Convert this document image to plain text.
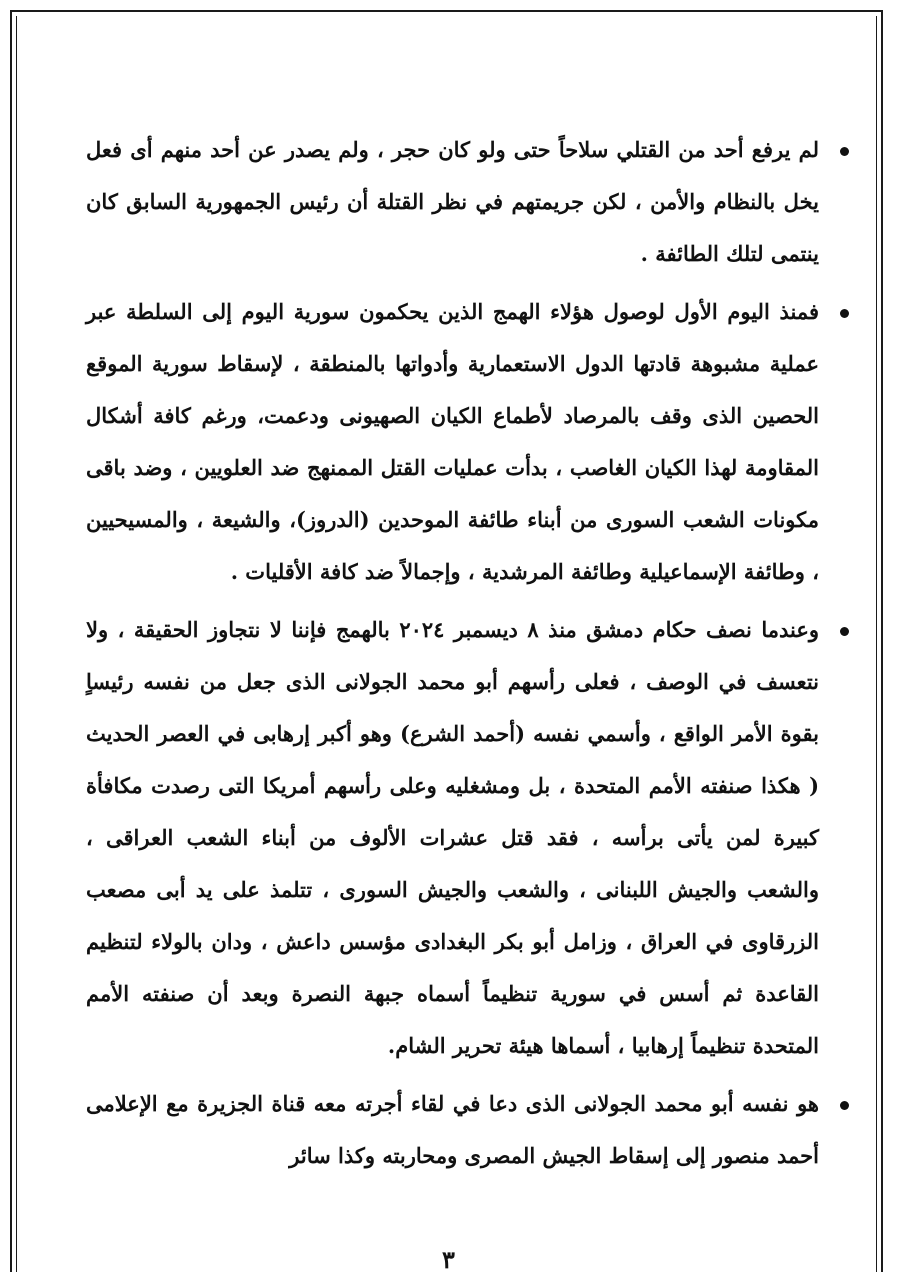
لم يرفع أحد من القتلي سلاحاً حتى ولو كان حجر ، ولم يصدر عن أحد منهم أى فعل يخل بالنظام والأمن ، لكن جريمتهم في نظر القتلة أن رئيس الجمهورية السابق كان ينتمى لتلك الطائفة .
فمنذ اليوم الأول لوصول هؤلاء الهمج الذين يحكمون سورية اليوم إلى السلطة عبر عملية مشبوهة قادتها الدول الاستعمارية وأدواتها بالمنطقة ، لإسقاط سورية الموقع الحصين الذى وقف بالمرصاد لأطماع الكيان الصهيونى ودعمت، ورغم كافة أشكال المقاومة لهذا الكيان الغاصب ، بدأت عمليات القتل الممنهج ضد العلويين ، وضد باقى مكونات الشعب السورى من أبناء طائفة الموحدين (الدروز)، والشيعة ، والمسيحيين ، وطائفة الإسماعيلية وطائفة المرشدية ، وإجمالاً ضد كافة الأقليات .
وعندما نصف حكام دمشق منذ ٨ ديسمبر ٢٠٢٤ بالهمج فإننا لا نتجاوز الحقيقة ، ولا نتعسف في الوصف ، فعلى رأسهم أبو محمد الجولانى الذى جعل من نفسه رئيساٍ بقوة الأمر الواقع ، وأسمي نفسه (أحمد الشرع) وهو أكبر إرهابى في العصر الحديث ( هكذا صنفته الأمم المتحدة ، بل ومشغليه وعلى رأسهم أمريكا التى رصدت مكافأة كبيرة لمن يأتى برأسه ، فقد قتل عشرات الألوف من أبناء الشعب العراقى ، والشعب والجيش اللبنانى ، والشعب والجيش السورى ، تتلمذ على يد أبى مصعب الزرقاوى في العراق ، وزامل أبو بكر البغدادى مؤسس داعش ، ودان بالولاء لتنظيم القاعدة ثم أسس في سورية تنظيماً أسماه جبهة النصرة وبعد أن صنفته الأمم المتحدة تنظيماً إرهابيا ، أسماها هيئة تحرير الشام.
هو نفسه أبو محمد الجولانى الذى دعا في لقاء أجرته معه قناة الجزيرة مع الإعلامى أحمد منصور إلى إسقاط الجيش المصرى ومحاربته وكذا سائر
٣
